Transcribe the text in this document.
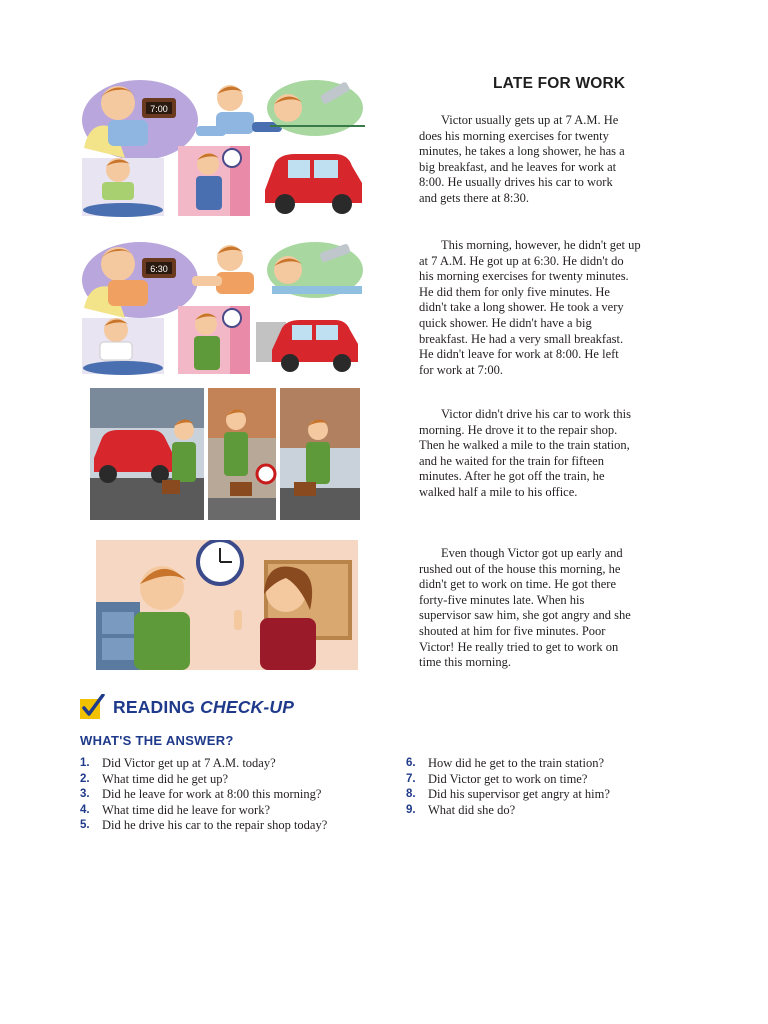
7:00
6:30
LATE FOR WORK
Victor usually gets up at 7 A.M. He
does his morning exercises for twenty
minutes, he takes a long shower, he has a
big breakfast, and he leaves for work at
8:00. He usually drives his car to work
and gets there at 8:30.
This morning, however, he didn't get up
at 7 A.M. He got up at 6:30. He didn't do
his morning exercises for twenty minutes.
He did them for only five minutes. He
didn't take a long shower. He took a very
quick shower. He didn't have a big
breakfast. He had a very small breakfast.
He didn't leave for work at 8:00. He left
for work at 7:00.
Victor didn't drive his car to work this
morning. He drove it to the repair shop.
Then he walked a mile to the train station,
and he waited for the train for fifteen
minutes. After he got off the train, he
walked half a mile to his office.
Even though Victor got up early and
rushed out of the house this morning, he
didn't get to work on time. He got there
forty-five minutes late. When his
supervisor saw him, she got angry and she
shouted at him for five minutes. Poor
Victor! He really tried to get to work on
time this morning.
READING CHECK-UP
WHAT'S THE ANSWER?
1. Did Victor get up at 7 A.M. today?
2. What time did he get up?
3. Did he leave for work at 8:00 this morning?
4. What time did he leave for work?
5. Did he drive his car to the repair shop today?
6. How did he get to the train station?
7. Did Victor get to work on time?
8. Did his supervisor get angry at him?
9. What did she do?
